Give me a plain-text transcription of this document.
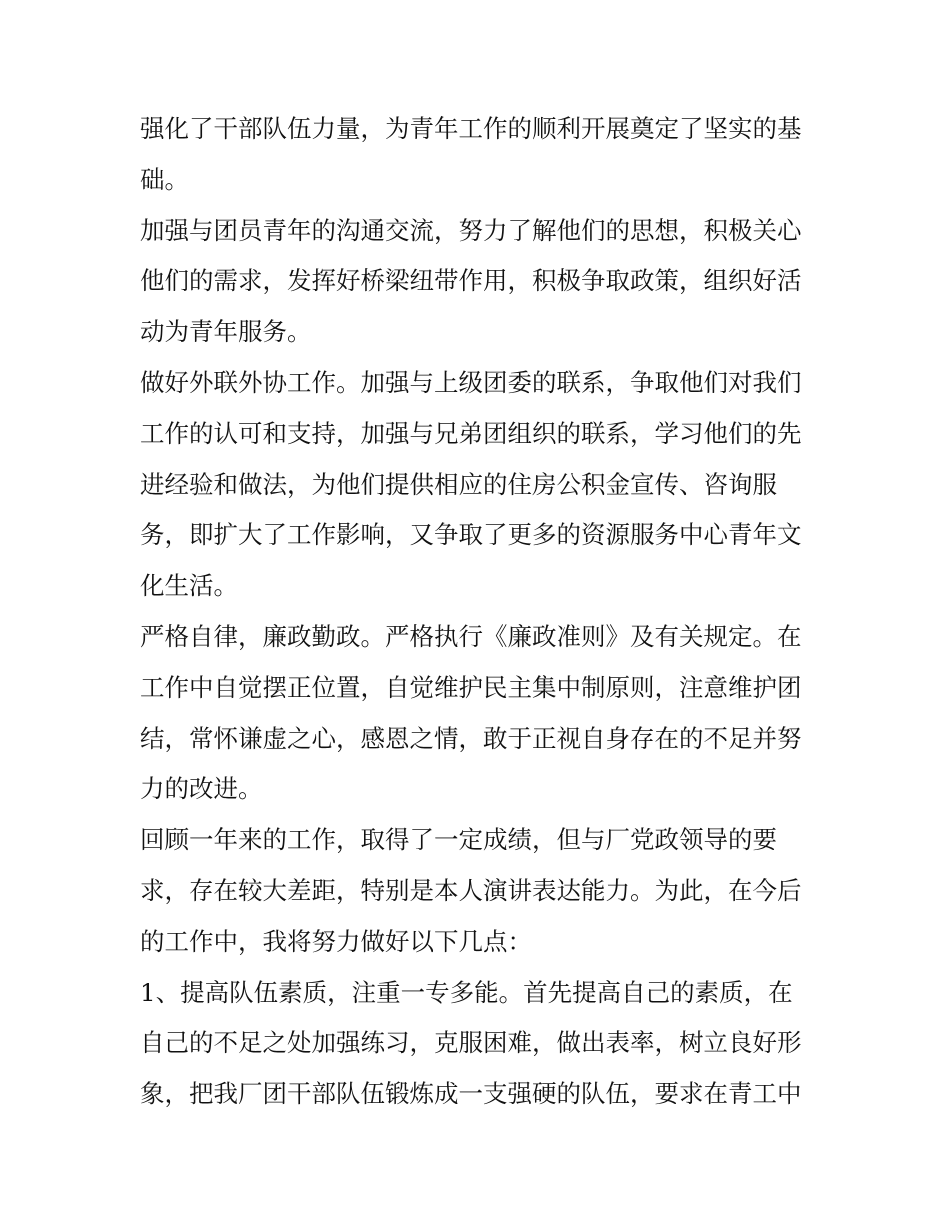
强化了干部队伍力量，为青年工作的顺利开展奠定了坚实的基
础。
加强与团员青年的沟通交流，努力了解他们的思想，积极关心
他们的需求，发挥好桥梁纽带作用，积极争取政策，组织好活
动为青年服务。
做好外联外协工作。加强与上级团委的联系，争取他们对我们
工作的认可和支持，加强与兄弟团组织的联系，学习他们的先
进经验和做法，为他们提供相应的住房公积金宣传、咨询服
务，即扩大了工作影响，又争取了更多的资源服务中心青年文
化生活。
严格自律，廉政勤政。严格执行《廉政准则》及有关规定。在
工作中自觉摆正位置，自觉维护民主集中制原则，注意维护团
结，常怀谦虚之心，感恩之情，敢于正视自身存在的不足并努
力的改进。
回顾一年来的工作，取得了一定成绩，但与厂党政领导的要
求，存在较大差距，特别是本人演讲表达能力。为此，在今后
的工作中，我将努力做好以下几点：
1、提高队伍素质，注重一专多能。首先提高自己的素质，在
自己的不足之处加强练习，克服困难，做出表率，树立良好形
象，把我厂团干部队伍锻炼成一支强硬的队伍，要求在青工中
